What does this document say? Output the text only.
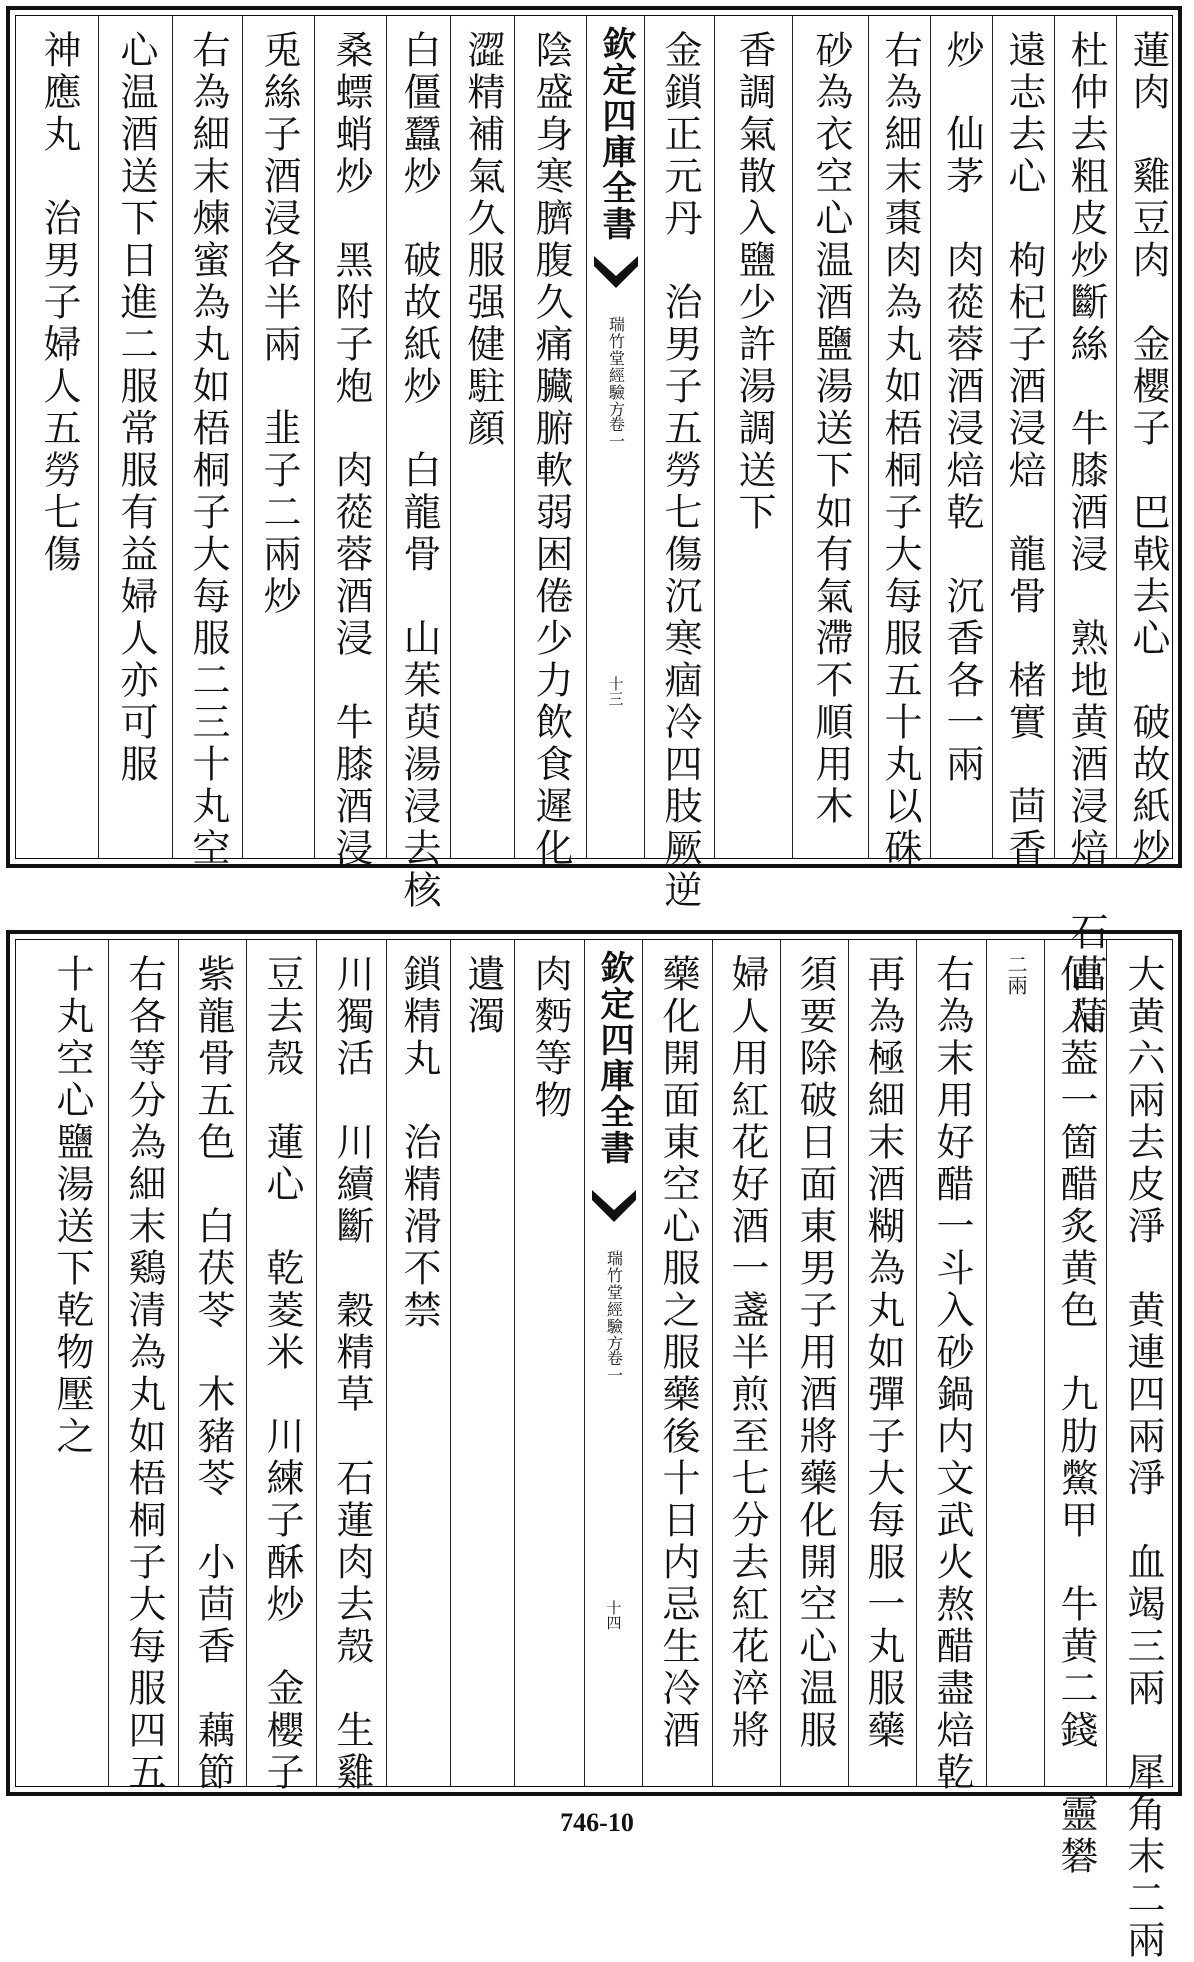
蓮肉　雞豆肉　金櫻子　巴戟去心　破故紙炒
杜仲去粗皮炒斷絲　牛膝酒浸　熟地黄酒浸焙　石菖蒲
遠志去心　枸杞子酒浸焙　龍骨　楮實　茴香
炒　仙茅　肉蓯蓉酒浸焙乾　沉香各一兩
右為細末棗肉為丸如梧桐子大每服五十丸以硃
砂為衣空心温酒鹽湯送下如有氣滯不順用木
香調氣散入鹽少許湯調送下
金鎖正元丹　治男子五勞七傷沉寒痼冷四肢厥逆
欽定四庫全書
瑞竹堂經驗方
卷一
十三
陰盛身寒臍腹久痛臟腑軟弱困倦少力飲食遲化
澀精補氣久服强健駐顔
白僵蠶炒　破故紙炒　白龍骨　山茱萸湯浸去核
桑螵蛸炒　黑附子炮　肉蓯蓉酒浸　牛膝酒浸
兎絲子酒浸各半兩　韭子二兩炒
右為細末煉蜜為丸如梧桐子大每服二三十丸空
心温酒送下日進二服常服有益婦人亦可服
神應丸　治男子婦人五勞七傷
大黄六兩去皮淨　黄連四兩淨　血竭三兩　犀角末二兩
仙人葢一箇醋炙黄色　九肋鱉甲　牛黄二錢　靈礬
二兩
右為末用好醋一斗入砂鍋内文武火熬醋盡焙乾
再為極細末酒糊為丸如彈子大每服一丸服藥
須要除破日面東男子用酒將藥化開空心温服
婦人用紅花好酒一盞半煎至七分去紅花淬將
藥化開面東空心服之服藥後十日内忌生冷酒
欽定四庫全書
瑞竹堂經驗方
卷一
十四
肉麪等物
遺濁
鎖精丸　治精滑不禁
川獨活　川續斷　穀精草　石蓮肉去殼　生雞
豆去殼　蓮心　乾菱米　川練子酥炒　金櫻子
紫龍骨五色　白茯苓　木豬苓　小茴香　藕節
右各等分為細末鷄清為丸如梧桐子大每服四五
十丸空心鹽湯送下乾物壓之
746-10
